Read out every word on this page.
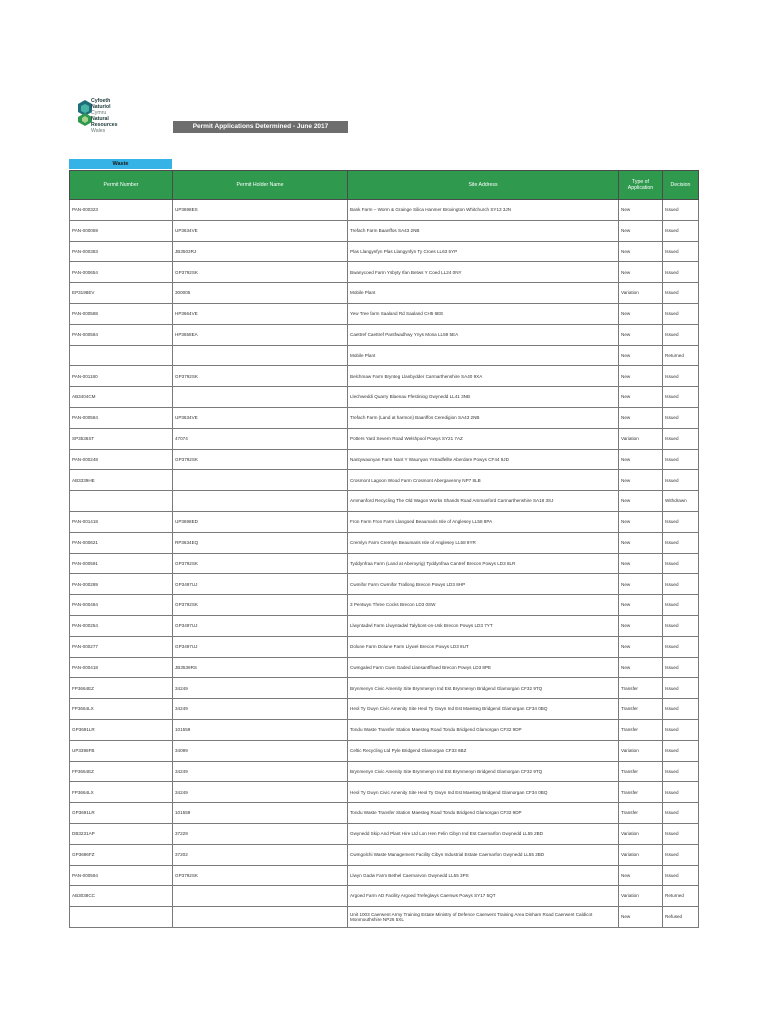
Cyfoeth
Naturiol
Cymru
Natural
Resources
Wales
Permit Applications Determined - June 2017
Waste
Permit Number	Permit Holder Name	Site Address	Type of Application	Decision
PAN-000323	UP3698ES	Bank Farm – Worm & Grainge Silica Hanmer Broxington Whitchurch SY13 3JN	New	Issued
PAN-000059	UP3634VE	Trefach Farm Baanffos SA43 2NB	New	Issued
PAN-000383	JB3503RJ	Plas Llangynfyn Plas Llangynfyn Ty Croes LL63 5YP	New	Issued
PAN-000654	GP3792SK	Bwanycoed Farm Ysbyty Ifan Betws Y Coed LL24 0NY	New	Issued
EP3198EV	300005	Mobile Plant	Variation	Issued
PAN-000588	HP3664VE	Yew Tree farm Saaland Rd Saaland CH5 6EE	New	Issued
PAN-000584	HP3658EA	Caettref Caettref Pantfwadhwy Ynys Mona LL59 5EA	New	Issued
		Mobile Plant	New	Returned
PAN-001180	GP3792SK	Belchmaw Farm Brynteg Llanbydder Carmarthenshire SA40 9XA	New	Issued
AB3404CM		Llechweddi Quarry Blaenau Ffestiniog Gwynedd LL41 3NB	New	Issued
PAN-000584	UP3634VE	Trefach Farm (Land at harmon) Baanffos Ceredigion SA43 2NB	New	Issued
SP3536ST	47074	Potters Yard Severn Road Welshpool Powys SY21 7AZ	Variation	Issued
PAN-000248	GP3792SK	Nantywaunyan Farm Nant Y Waunyan Ystradfellte Aberdare Powys CF44 9JD	New	Issued
AB3339HE		Crosmont Lagoon Wood Farm Crosmont Abergavenny NP7 8LB	New	Issued
		Ammanford Recycling The Old Wagon Works Shands Road Ammanford Carmarthenshire SA18 3SJ	New	Withdrawn
PAN-001418	UP3698ED	Fron Farm Fron Farm Llangoed Beaumaris Isle of Anglesey LL58 8PA	New	Issued
PAN-000621	RP3634EQ	Cremlyn Farm Cremlyn Beaumaris Isle of Anglesey LL58 8YR	New	Issued
PAN-000591	GP3792SK	Tyddynfraa Farm (Land at Aberoyrig) Tyddynfraa Cantref Brecon Powys LD3 8LR	New	Issued
PAN-000289	GP3497UJ	Cwmifor Farm Cwmifor Trallong Brecon Powys LD3 8HP	New	Issued
PAN-000484	GP3792SK	3 Pentwyn Three Cocks Brecon LD3 0SW	New	Issued
PAN-000254	GP3497UJ	Llwyntadwl Farm Llwyntadwl Talybont-on-Usk Brecon Powys LD3 7YT	New	Issued
PAN-000277	GP3497UJ	Dolune Farm Dolune Farm Llywel Brecon Powys LD3 8UT	New	Issued
PAN-000418	JB3539RS	Cwmgaled Farm Cwm Gaded Llansantffraed Brecon Powys LD3 8PE	New	Issued
FP3664EZ	34249	Brynmenyn Civic Amenity Site Brynmenyn Ind Est Brynmenyn Bridgend Glamorgan CF32 9TQ	Transfer	Issued
FP3664LX	34249	Heol Ty Gwyn Civic Amenity Site Heol Ty Gwyn Ind Est Maesteg Bridgend Glamorgan CF34 0BQ	Transfer	Issued
GP3691LR	101559	Tondu Waste Transfer Station Maesteg Road Tondu Bridgend Glamorgan CF32 9DP	Transfer	Issued
UP3398FB	34099	Celtic Recycling Ltd Pyle Bridgend Glamorgan CF33 6BZ	Variation	Issued
FP3664EZ	34249	Brynmenyn Civic Amenity Site Brynmenyn Ind Est Brynmenyn Bridgend Glamorgan CF32 9TQ	Transfer	Issued
FP3664LX	34249	Heol Ty Gwyn Civic Amenity Site Heol Ty Gwyn Ind Est Maesteg Bridgend Glamorgan CF34 0BQ	Transfer	Issued
GP3691LR	101559	Tondu Waste Transfer Station Maesteg Road Tondu Bridgend Glamorgan CF32 9DP	Transfer	Issued
DB3231AP	37229	Gwynedd Skip And Plant Hire Ltd Lon Hen Felin Cibyn Ind Est Caernarfon Gwynedd LL55 2BD	Variation	Issued
GP3696FZ	37202	Cwmgolchi Waste Management Facility Cibyn Industrial Estate Caernarfon Gwynedd LL55 2BD	Variation	Issued
PAN-000594	GP3792SK	Llwyn Gadw Farm Bethel Caernarvon Gwynedd LL55 3PS	New	Issued
AB3038CC		Argoed Farm AD Facility Argoed Trefeglwys Caersws Powys SY17 5QT	Variation	Returned
		Unit 1003 Caerwent Army Training Estate Ministry of Defence Caerwent Training Area Dinham Road Caerwent Caldicot Monmouthshire NP26 5XL	New	Refused
